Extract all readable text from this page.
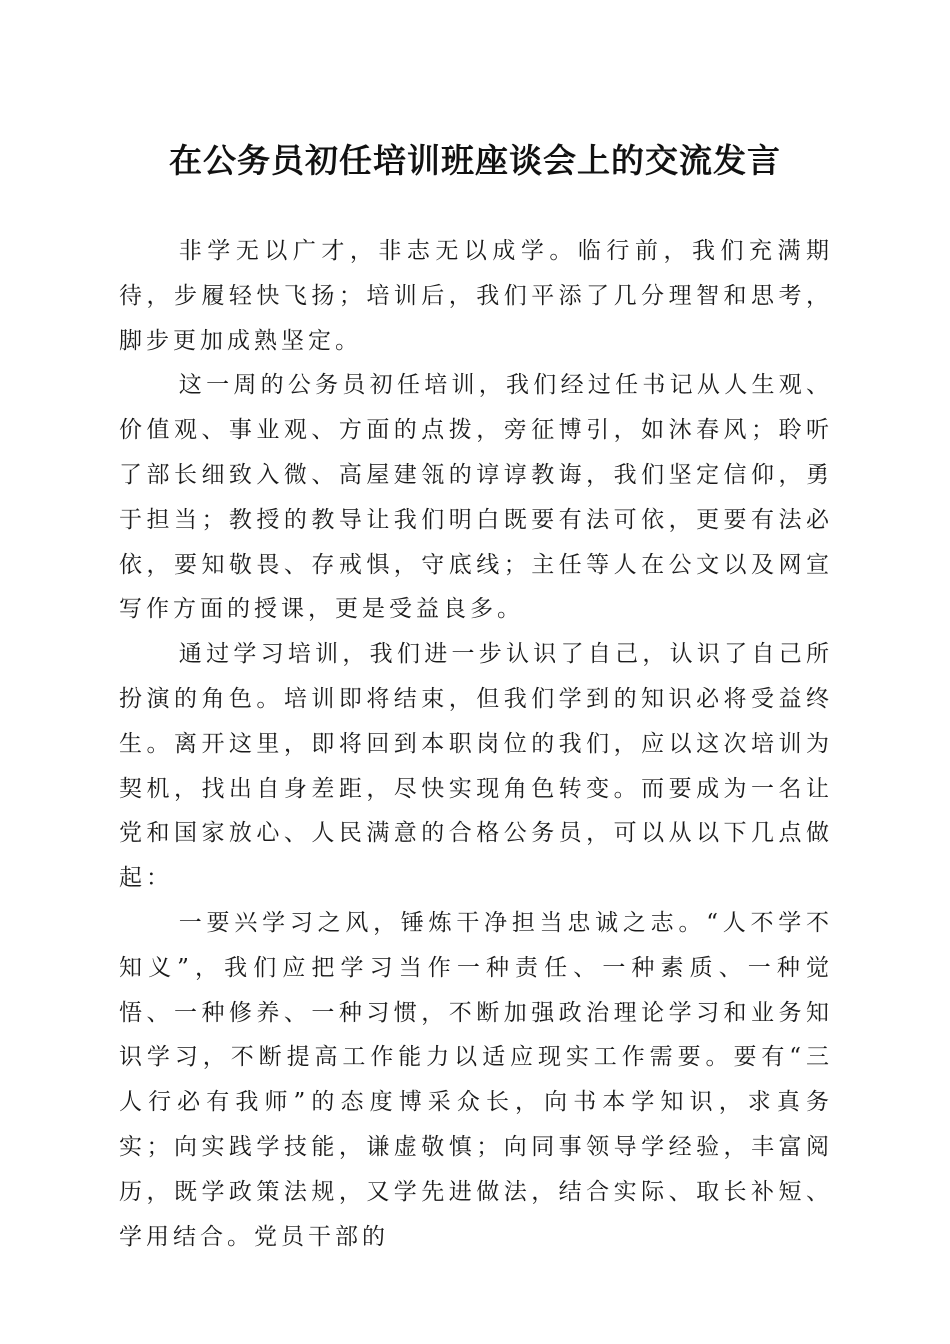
在公务员初任培训班座谈会上的交流发言

非学无以广才，非志无以成学。临行前，我们充满期待，步履轻快飞扬；培训后，我们平添了几分理智和思考，脚步更加成熟坚定。

这一周的公务员初任培训，我们经过任书记从人生观、价值观、事业观、方面的点拨，旁征博引，如沐春风；聆听了部长细致入微、高屋建瓴的谆谆教诲，我们坚定信仰，勇于担当；教授的教导让我们明白既要有法可依，更要有法必依，要知敬畏、存戒惧，守底线；主任等人在公文以及网宣写作方面的授课，更是受益良多。

通过学习培训，我们进一步认识了自己，认识了自己所扮演的角色。培训即将结束，但我们学到的知识必将受益终生。离开这里，即将回到本职岗位的我们，应以这次培训为契机，找出自身差距，尽快实现角色转变。而要成为一名让党和国家放心、人民满意的合格公务员，可以从以下几点做起：

一要兴学习之风，锤炼干净担当忠诚之志。“人不学不知义”，我们应把学习当作一种责任、一种素质、一种觉悟、一种修养、一种习惯，不断加强政治理论学习和业务知识学习，不断提高工作能力以适应现实工作需要。要有“三人行必有我师”的态度博采众长，向书本学知识，求真务实；向实践学技能，谦虚敬慎；向同事领导学经验，丰富阅历，既学政策法规，又学先进做法，结合实际、取长补短、学用结合。党员干部的
